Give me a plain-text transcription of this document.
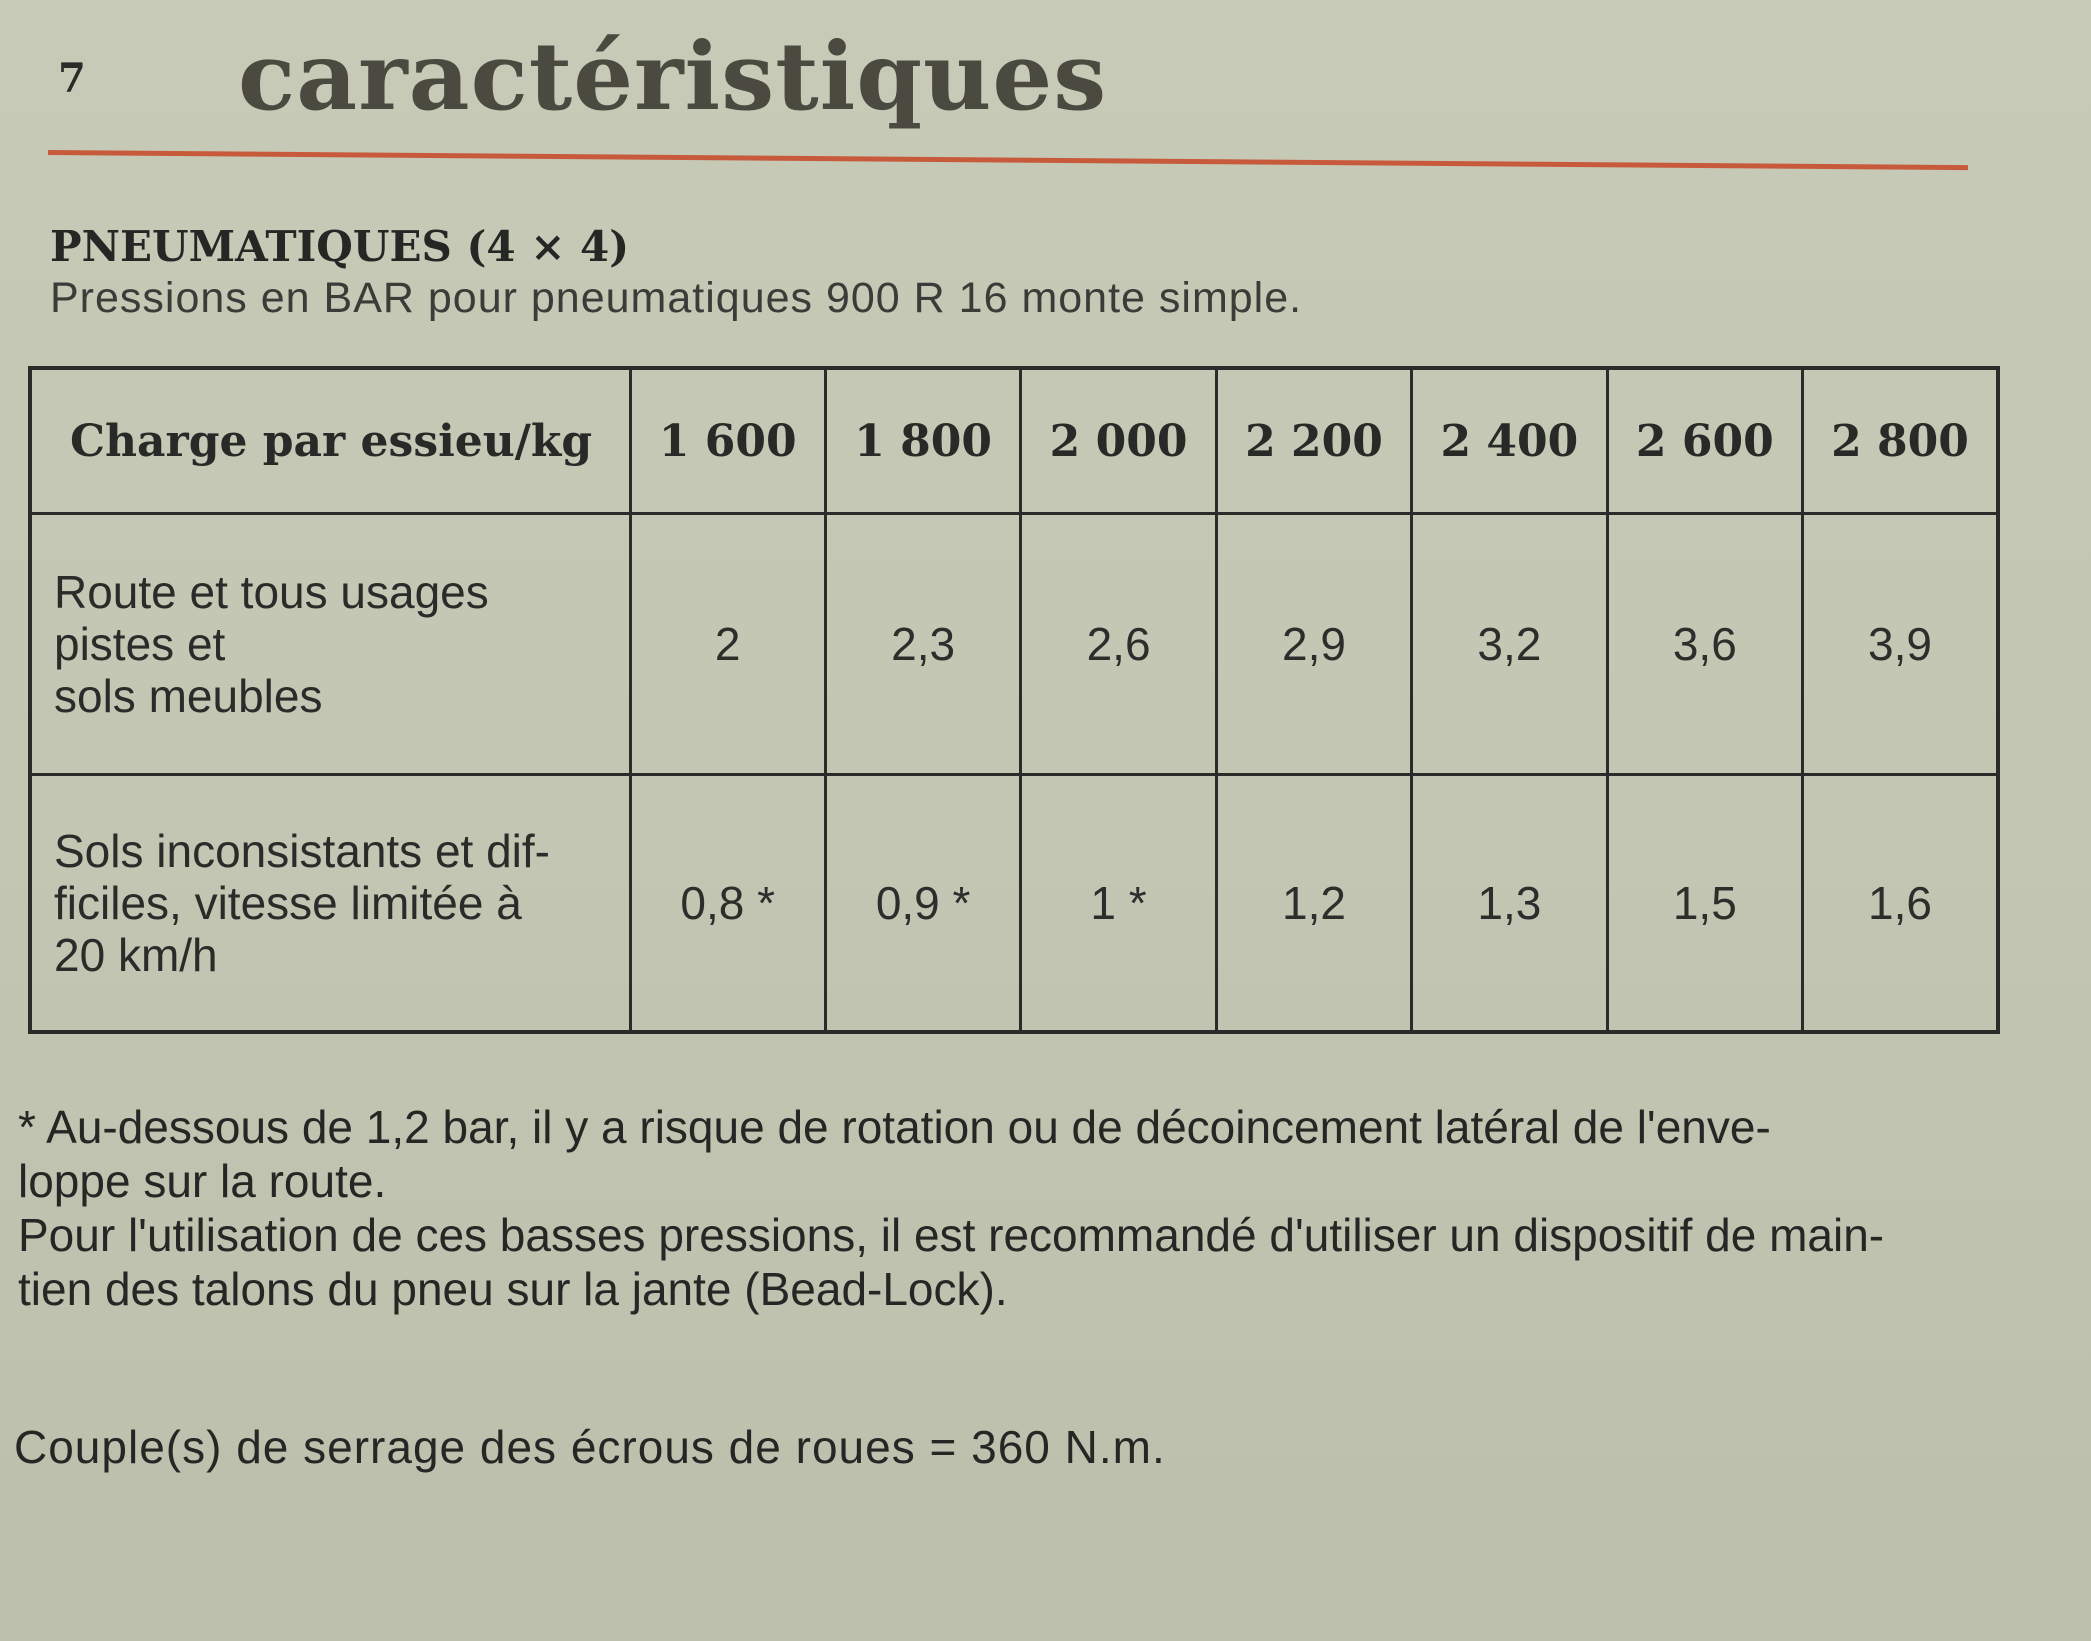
7 caractéristiques
PNEUMATIQUES (4 × 4)
Pressions en BAR pour pneumatiques 900 R 16 monte simple.
Charge par essieu/kg	1 600	1 800	2 000	2 200	2 400	2 600	2 800

Route et tous usages
pistes et
sols meubles	2	2,3	2,6	2,9	3,2	3,6	3,9

Sols inconsistants et dif-
ficiles, vitesse limitée à
20 km/h	0,8 *	0,9 *	1 *	1,2	1,3	1,5	1,6

* Au-dessous de 1,2 bar, il y a risque de rotation ou de décoincement latéral de l'enve-

loppe sur la route.

Pour l'utilisation de ces basses pressions, il est recommandé d'utiliser un dispositif de main-

tien des talons du pneu sur la jante (Bead-Lock).

Couple(s) de serrage des écrous de roues = 360 N.m.
